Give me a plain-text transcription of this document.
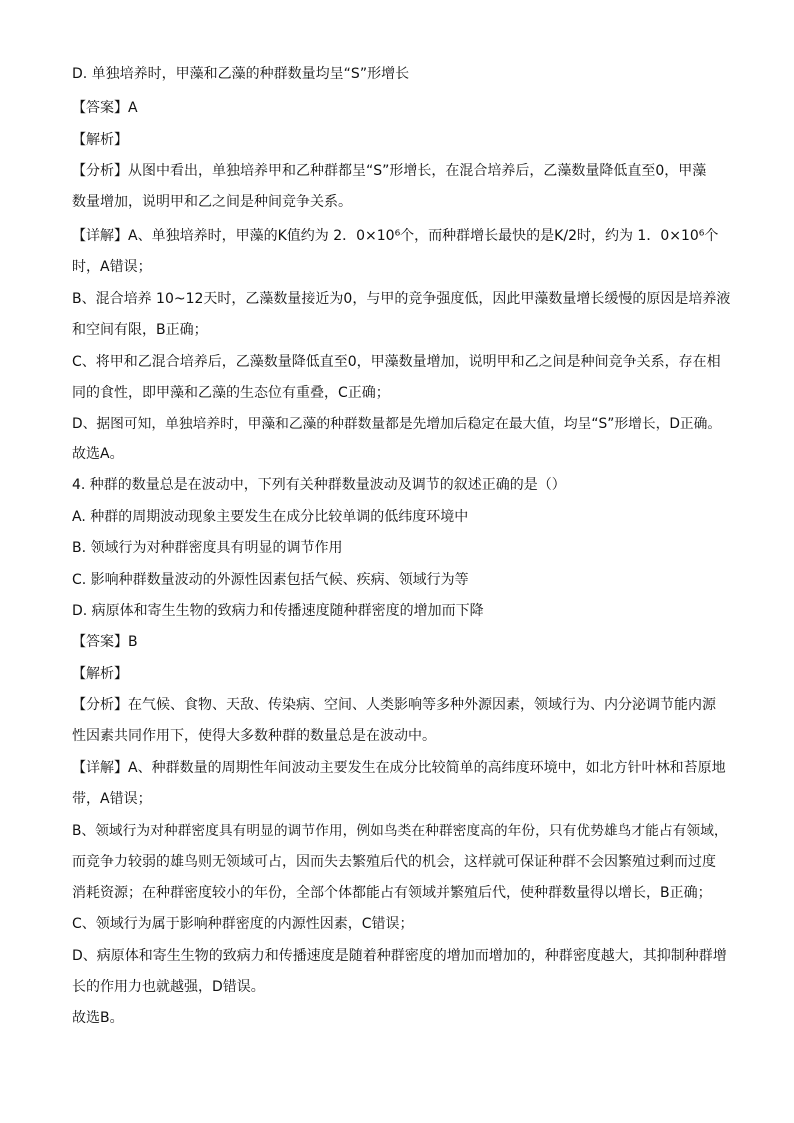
D. 单独培养时，甲藻和乙藻的种群数量均呈“S”形增长
【答案】A
【解析】
【分析】从图中看出，单独培养甲和乙种群都呈“S”形增长，在混合培养后，乙藻数量降低直至0，甲藻
数量增加，说明甲和乙之间是种间竞争关系。
【详解】A、单独培养时，甲藻的K值约为 2．0×10⁶个，而种群增长最快的是K/2时，约为 1．0×10⁶个
时，A错误；
B、混合培养 10~12天时，乙藻数量接近为0，与甲的竞争强度低，因此甲藻数量增长缓慢的原因是培养液
和空间有限，B正确；
C、将甲和乙混合培养后，乙藻数量降低直至0，甲藻数量增加，说明甲和乙之间是种间竞争关系，存在相
同的食性，即甲藻和乙藻的生态位有重叠，C正确；
D、据图可知，单独培养时，甲藻和乙藻的种群数量都是先增加后稳定在最大值，均呈“S”形增长，D正确。
故选A。
4. 种群的数量总是在波动中，下列有关种群数量波动及调节的叙述正确的是（）
A. 种群的周期波动现象主要发生在成分比较单调的低纬度环境中
B. 领域行为对种群密度具有明显的调节作用
C. 影响种群数量波动的外源性因素包括气候、疾病、领域行为等
D. 病原体和寄生生物的致病力和传播速度随种群密度的增加而下降
【答案】B
【解析】
【分析】在气候、食物、天敌、传染病、空间、人类影响等多种外源因素，领域行为、内分泌调节能内源
性因素共同作用下，使得大多数种群的数量总是在波动中。
【详解】A、种群数量的周期性年间波动主要发生在成分比较简单的高纬度环境中，如北方针叶林和苔原地
带，A错误；
B、领域行为对种群密度具有明显的调节作用，例如鸟类在种群密度高的年份，只有优势雄鸟才能占有领域，
而竞争力较弱的雄鸟则无领域可占，因而失去繁殖后代的机会，这样就可保证种群不会因繁殖过剩而过度
消耗资源；在种群密度较小的年份，全部个体都能占有领域并繁殖后代，使种群数量得以增长，B正确；
C、领域行为属于影响种群密度的内源性因素，C错误；
D、病原体和寄生生物的致病力和传播速度是随着种群密度的增加而增加的，种群密度越大，其抑制种群增
长的作用力也就越强，D错误。
故选B。
